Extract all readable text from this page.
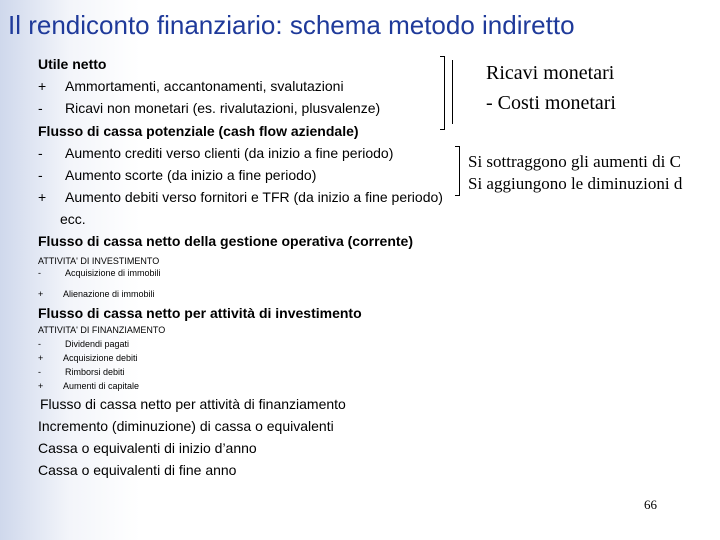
Il rendiconto finanziario: schema metodo indiretto
Utile netto
+ Ammortamenti, accantonamenti, svalutazioni
- Ricavi non monetari (es. rivalutazioni, plusvalenze)
Flusso di cassa potenziale (cash flow aziendale)
- Aumento crediti verso clienti (da inizio a fine periodo)
- Aumento scorte (da inizio a fine periodo)
+ Aumento debiti verso fornitori e TFR (da inizio a fine periodo)
ecc.
Flusso di cassa netto della gestione operativa (corrente)
Ricavi monetari
- Costi monetari
Si sottraggono gli aumenti di C
Si aggiungono le diminuzioni d
ATTIVITA' DI INVESTIMENTO
-	Acquisizione di immobili
+ Alienazione di immobili
Flusso di cassa netto per attività di investimento
ATTIVITA' DI FINANZIAMENTO
-	Dividendi pagati
+ Acquisizione debiti
-	Rimborsi debiti
+ Aumenti di capitale
Flusso di cassa netto per attività di finanziamento
Incremento (diminuzione) di cassa o equivalenti
Cassa o equivalenti di inizio d’anno
Cassa o equivalenti di fine anno
66
